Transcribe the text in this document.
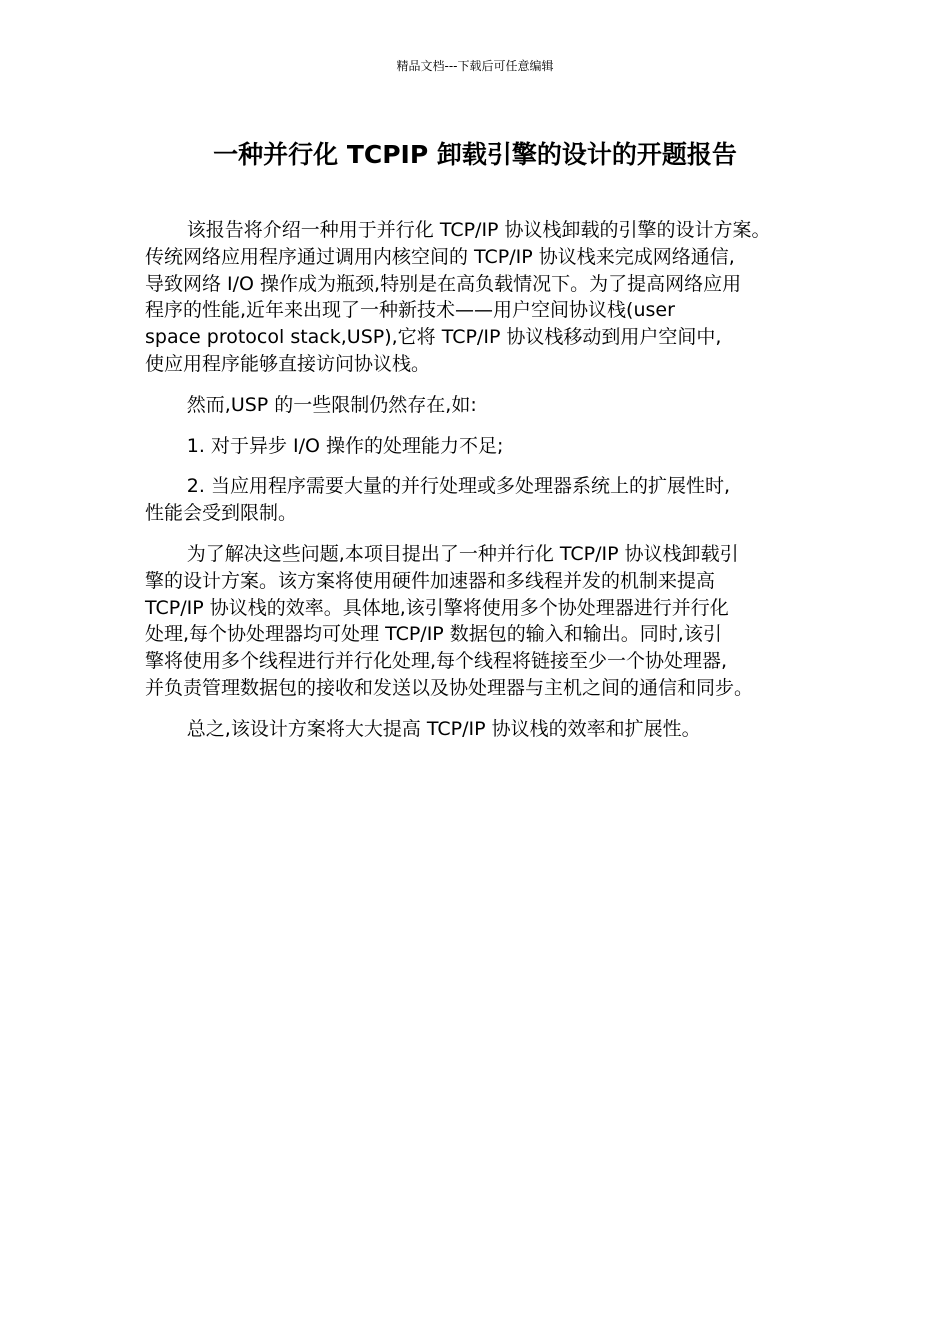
精品文档---下载后可任意编辑
一种并行化 TCPIP 卸载引擎的设计的开题报告

该报告将介绍一种用于并行化 TCP/IP 协议栈卸载的引擎的设计方案。
传统网络应用程序通过调用内核空间的 TCP/IP 协议栈来完成网络通信,
导致网络 I/O 操作成为瓶颈,特别是在高负载情况下。为了提高网络应用
程序的性能,近年来出现了一种新技术——用户空间协议栈(user
space protocol stack,USP),它将 TCP/IP 协议栈移动到用户空间中,
使应用程序能够直接访问协议栈。

然而,USP 的一些限制仍然存在,如:

1. 对于异步 I/O 操作的处理能力不足;

2. 当应用程序需要大量的并行处理或多处理器系统上的扩展性时,
性能会受到限制。

为了解决这些问题,本项目提出了一种并行化 TCP/IP 协议栈卸载引
擎的设计方案。该方案将使用硬件加速器和多线程并发的机制来提高
TCP/IP 协议栈的效率。具体地,该引擎将使用多个协处理器进行并行化
处理,每个协处理器均可处理 TCP/IP 数据包的输入和输出。同时,该引
擎将使用多个线程进行并行化处理,每个线程将链接至少一个协处理器,
并负责管理数据包的接收和发送以及协处理器与主机之间的通信和同步。

总之,该设计方案将大大提高 TCP/IP 协议栈的效率和扩展性。
